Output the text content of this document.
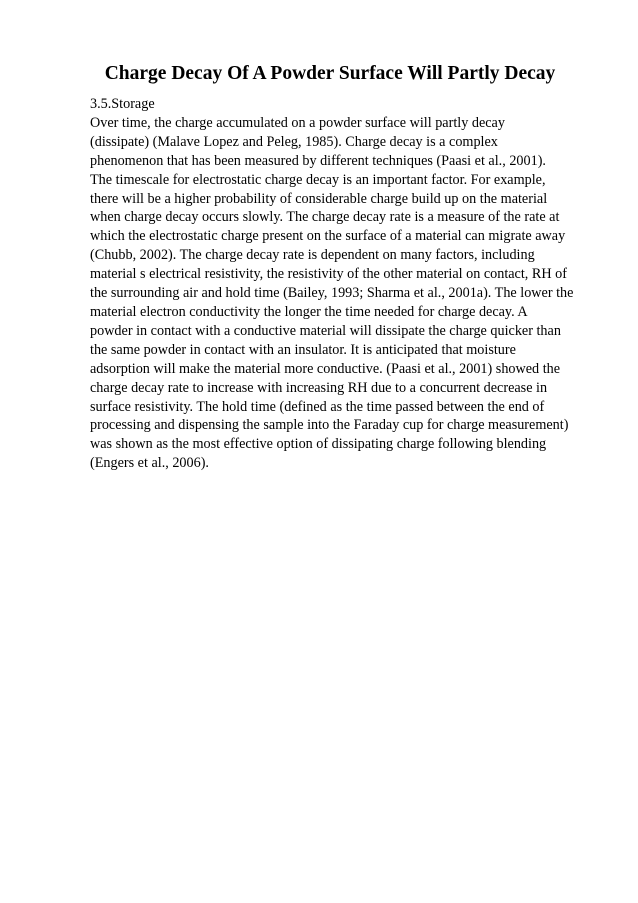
Charge Decay Of A Powder Surface Will Partly Decay
3.5.Storage
Over time, the charge accumulated on a powder surface will partly decay
(dissipate) (Malave Lopez and Peleg, 1985). Charge decay is a complex
phenomenon that has been measured by different techniques (Paasi et al., 2001).
The timescale for electrostatic charge decay is an important factor. For example,
there will be a higher probability of considerable charge build up on the material
when charge decay occurs slowly. The charge decay rate is a measure of the rate at
which the electrostatic charge present on the surface of a material can migrate away
(Chubb, 2002). The charge decay rate is dependent on many factors, including
material s electrical resistivity, the resistivity of the other material on contact, RH of
the surrounding air and hold time (Bailey, 1993; Sharma et al., 2001a). The lower the
material electron conductivity the longer the time needed for charge decay. A
powder in contact with a conductive material will dissipate the charge quicker than
the same powder in contact with an insulator. It is anticipated that moisture
adsorption will make the material more conductive. (Paasi et al., 2001) showed the
charge decay rate to increase with increasing RH due to a concurrent decrease in
surface resistivity. The hold time (defined as the time passed between the end of
processing and dispensing the sample into the Faraday cup for charge measurement)
was shown as the most effective option of dissipating charge following blending
(Engers et al., 2006).
